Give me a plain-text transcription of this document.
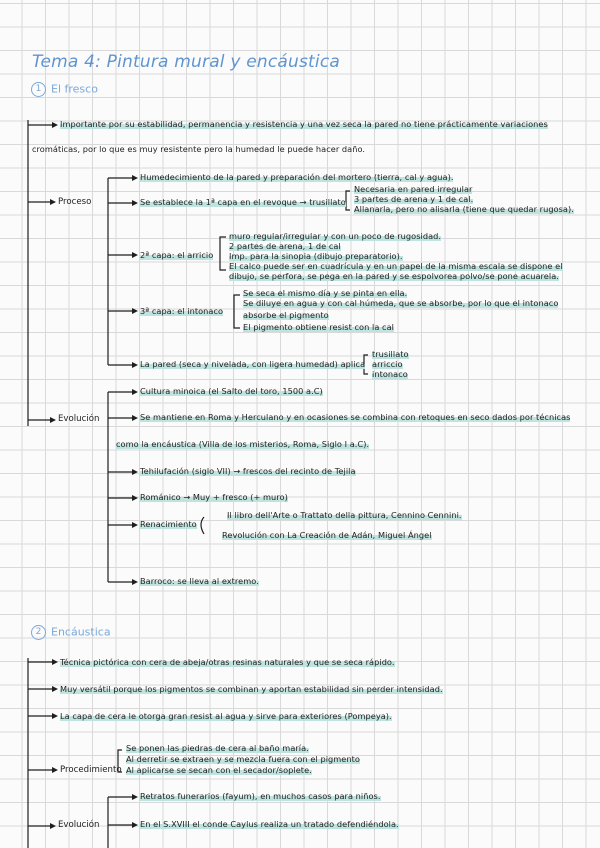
Tema 4: Pintura mural y encáustica
1 El fresco
Importante por su estabilidad, permanencia y resistencia y una vez seca la pared no tiene prácticamente variaciones
cromáticas, por lo que es muy resistente pero la humedad le puede hacer daño.
Proceso
Humedecimiento de la pared y preparación del mortero (tierra, cal y agua).
Se establece la 1ª capa en el revoque → trusillato
Necesaria en pared irregular
3 partes de arena y 1 de cal.
Allanarla, pero no alisarla (tiene que quedar rugosa).
2ª capa: el arricio
muro regular/irregular y con un poco de rugosidad.
2 partes de arena, 1 de cal
Imp. para la sinopia (dibujo preparatorio).
El calco puede ser en cuadrícula y en un papel de la misma escala se dispone el
dibujo, se perfora, se pega en la pared y se espolvorea polvo/se pone acuarela.
3ª capa: el intonaco
Se seca el mismo día y se pinta en ella.
Se diluye en agua y con cal húmeda, que se absorbe, por lo que el intonaco
absorbe el pigmento
El pigmento obtiene resist con la cal
La pared (seca y nivelada, con ligera humedad) aplica
trusillato
arriccio
intonaco
Evolución
Cultura minoica (el Salto del toro, 1500 a.C)
Se mantiene en Roma y Herculano y en ocasiones se combina con retoques en seco dados por técnicas
como la encáustica (Villa de los misterios, Roma, Siglo I a.C).
Tehilufación (siglo VII) → frescos del recinto de Tejila
Románico → Muy + fresco (+ muro)
Renacimiento
Il libro dell'Arte o Trattato della pittura, Cennino Cennini.
Revolución con La Creación de Adán, Miguel Ángel
Barroco: se lleva al extremo.
2 Encáustica
Técnica pictórica con cera de abeja/otras resinas naturales y que se seca rápido.
Muy versátil porque los pigmentos se combinan y aportan estabilidad sin perder intensidad.
La capa de cera le otorga gran resist al agua y sirve para exteriores (Pompeya).
Procedimiento
Se ponen las piedras de cera al baño maría.
Al derretir se extraen y se mezcla fuera con el pigmento
Al aplicarse se secan con el secador/soplete.
Evolución
Retratos funerarios (fayum), en muchos casos para niños.
En el S.XVIII el conde Caylus realiza un tratado defendiéndola.
